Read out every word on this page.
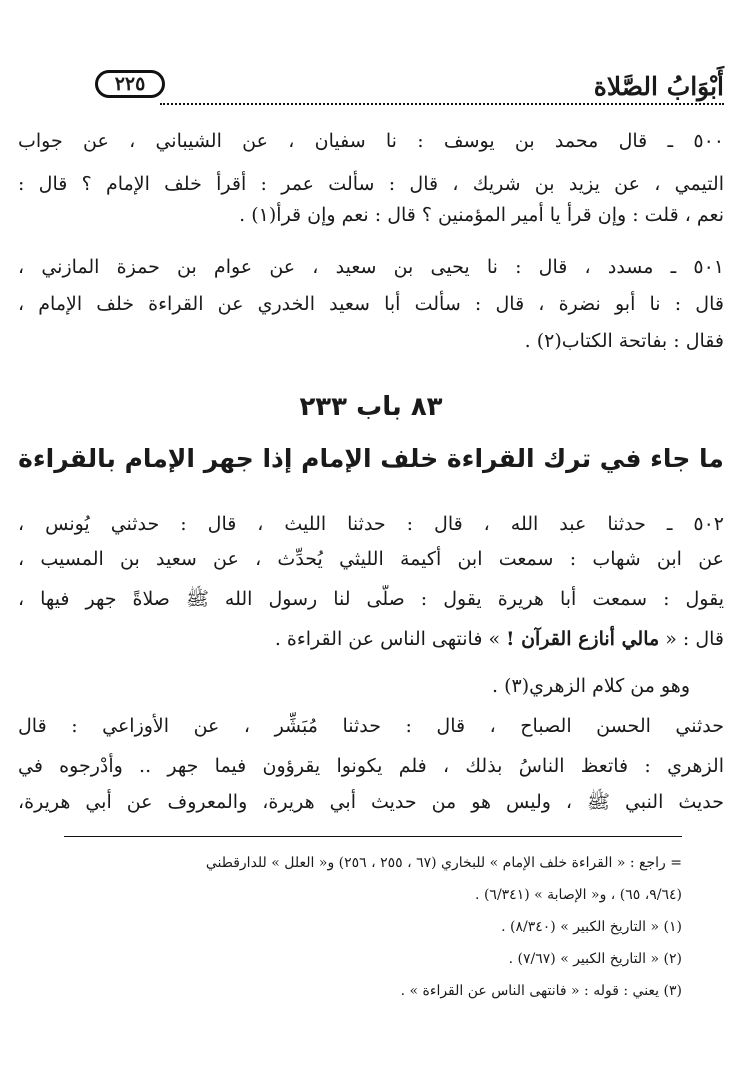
أَبْوَابُ الصَّلاة
٢٢٥
٥٠٠ ـ قال محمد بن يوسف : نا سفيان ، عن الشيباني ، عن جواب
التيمي ، عن يزيد بن شريك ، قال : سألت عمر : أقرأ خلف الإمام ؟ قال :
نعم ، قلت : وإن قرأ يا أمير المؤمنين ؟ قال : نعم وإن قرأ(١) .
٥٠١ ـ مسدد ، قال : نا يحيى بن سعيد ، عن عوام بن حمزة المازني ،
قال : نا أبو نضرة ، قال : سألت أبا سعيد الخدري عن القراءة خلف الإمام ،
فقال : بفاتحة الكتاب(٢) .
٨٣ باب ٢٣٣
ما جاء في ترك القراءة خلف الإمام إذا جهر الإمام بالقراءة
٥٠٢ ـ حدثنا عبد الله ، قال : حدثنا الليث ، قال : حدثني يُونس ،
عن ابن شهاب : سمعت ابن أكيمة الليثي يُحدِّث ، عن سعيد بن المسيب ،
يقول : سمعت أبا هريرة يقول : صلَّى لنا رسول الله ﷺ صلاةً جهر فيها ،
قال : « مالي أنازع القرآن ! » فانتهى الناس عن القراءة .
وهو من كلام الزهري(٣) .
حدثني الحسن الصباح ، قال : حدثنا مُبَشِّر ، عن الأوزاعي : قال
الزهري : فاتعظ الناسُ بذلك ، فلم يكونوا يقرؤون فيما جهر .. وأَدْرجوه في
حديث النبي ﷺ ، وليس هو من حديث أبي هريرة، والمعروف عن أبي هريرة،
= راجع : « القراءة خلف الإمام » للبخاري (٦٧ ، ٢٥٥ ، ٢٥٦) و« العلل » للدارقطني
(٩/٦٤، ٦٥) ، و« الإصابة » (٦/٣٤١) .
(١) « التاريخ الكبير » (٨/٣٤٠) .
(٢) « التاريخ الكبير » (٧/٦٧) .
(٣) يعني : قوله : « فانتهى الناس عن القراءة » .
